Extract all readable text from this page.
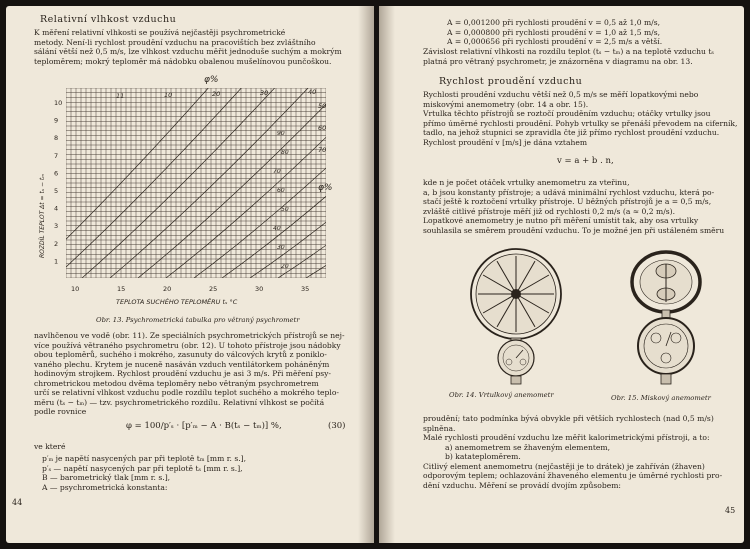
Relativní vlhkost vzduchu
K měření relativní vlhkosti se používá nejčastěji psychrometrické
metody. Není-li rychlost proudění vzduchu na pracovištích bez zvláštního
sálání větší než 0,5 m/s, lze vlhkost vzduchu měřit jednoduše suchým a mokrým
teploměrem; mokrý teploměr má nádobku obalenou mušelínovou punčoškou.
φ%
φ%
ROZDÍL TEPLOT Δt = tₛ − tₘ
TEPLOTA SUCHÉHO TEPLOMĚRU tₛ °C
10
9
8
7
6
5
4
3
2
1
10	15	20	25	30	35
11	10	20	30	40
50
60
70
20
30
40
50
60
70
80
90
Obr. 13. Psychrometrická tabulka pro větraný psychrometr
navlhčenou ve vodě (obr. 11). Ze speciálních psychrometrických přístrojů se nej-
více používá větraného psychrometru (obr. 12). U tohoto přístroje jsou nádobky
obou teploměrů, suchého i mokrého, zasunuty do válcových krytů z poniklo-
vaného plechu. Krytem je nuceně nasáván vzduch ventilátorkem poháněným
hodinovým strojkem. Rychlost proudění vzduchu je asi 3 m/s. Při měření psy-
chrometrickou metodou dvěma teploměry nebo větraným psychrometrem
určí se relativní vlhkost vzduchu podle rozdílu teplot suchého a mokrého teplo-
měru (tₛ − tₘ) — tzv. psychrometrického rozdílu. Relativní vlhkost se počítá
podle rovnice
φ = 100/p′ₛ · [p′ₘ − A · B(tₛ − tₘ)] %,	(30)
ve které
p′ₘ je napětí nasycených par při teplotě tₘ [mm r. s.],
p′ₛ — napětí nasycených par při teplotě tₛ [mm r. s.],
B — barometrický tlak [mm r. s.],
A — psychrometrická konstanta:
44
A = 0,001200 při rychlosti proudění v = 0,5 až 1,0 m/s,
A = 0,000800 při rychlosti proudění v = 1,0 až 1,5 m/s,
A = 0,000656 při rychlosti proudění v = 2,5 m/s a větší.
Závislost relativní vlhkosti na rozdílu teplot (tₛ − tₘ) a na teplotě vzduchu tₛ
platná pro větraný psychrometr, je znázorněna v diagramu na obr. 13.
Rychlost proudění vzduchu
Rychlosti proudění vzduchu větší než 0,5 m/s se měří lopatkovými nebo
miskovými anemometry (obr. 14 a obr. 15).
Vrtulka těchto přístrojů se roztočí prouděním vzduchu; otáčky vrtulky jsou
přímo úměrné rychlosti proudění. Pohyb vrtulky se přenáší převodem na ciferník,
tadlo, na jehož stupnici se zpravidla čte již přímo rychlost proudění vzduchu.
Rychlost proudění v [m/s] je dána vztahem
v = a + b . n,
kde n je počet otáček vrtulky anemometru za vteřinu,
a, b jsou konstanty přístroje; a udává minimální rychlost vzduchu, která po-
stačí ještě k roztočení vrtulky přístroje. U běžných přístrojů je a = 0,5 m/s,
zvláště citlivé přístroje měří již od rychlosti 0,2 m/s (a ≈ 0,2 m/s).
Lopatkové anemometry je nutno při měření umístit tak, aby osa vrtulky
souhlasila se směrem proudění vzduchu. To je možné jen při ustáleném směru
Obr. 14. Vrtulkový anemometr	Obr. 15. Miskový anemometr
proudění; tato podmínka bývá obvykle při větších rychlostech (nad 0,5 m/s)
splněna.
Malé rychlosti proudění vzduchu lze měřit kalorimetrickými přístroji, a to:
a) anemometrem se žhaveným elementem,
b) katateploměrem.
Citlivý element anemometru (nejčastěji je to drátek) je zahříván (žhaven)
odporovým teplem; ochlazování žhaveného elementu je úměrné rychlosti pro-
dění vzduchu. Měření se provádí dvojím způsobem:
45
